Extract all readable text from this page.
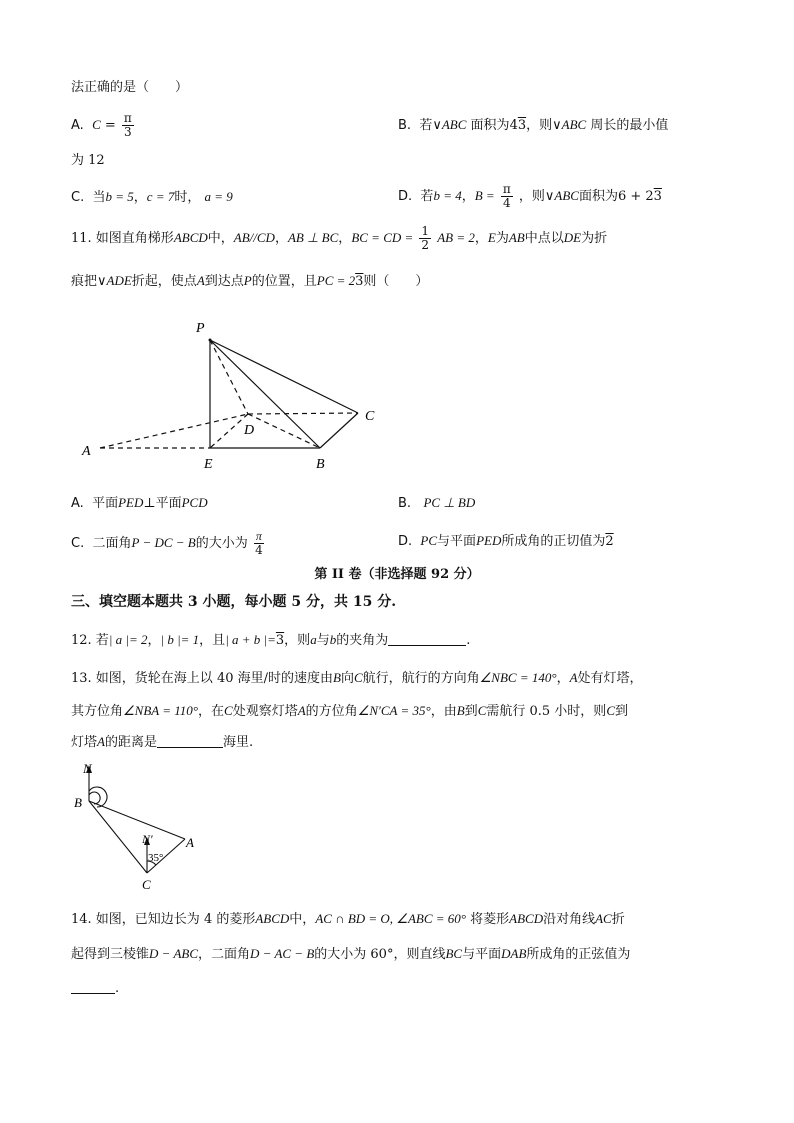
法正确的是（　　）
A. $C = \frac{\pi}{3}$	B. 若∨ABC 面积为43，则∨ABC 周长的最小值
为 12
C. 当b = 5，c = 7时， a = 9	D. 若b = 4，$B = \frac{\pi}{4}$ ，则∨ABC面积为6 + 23
11. 如图直角梯形ABCD中，AB//CD，AB ⊥ BC，BC = CD = $\frac{1}{2}$ AB = 2，E为AB中点以DE为折
痕把∨ADE折起，使点A到达点P的位置，且PC = 23则（　　）
P
A
D
C
E	B
A. 平面PED⊥平面PCD	B. PC ⊥ BD
C. 二面角P − DC − B的大小为 $\frac{\pi}{4}$	D. PC与平面PED所成角的正切值为2
第 II 卷（非选择题 92 分）
三、填空题本题共 3 小题，每小题 5 分，共 15 分.
12. 若| a |= 2，| b |= 1，且| a + b |=3，则a与b的夹角为	.
13. 如图，货轮在海上以 40 海里/时的速度由B向C航行，航行的方向角∠NBC = 140°，A处有灯塔，
其方位角∠NBA = 110°，在C处观察灯塔A的方位角∠N′CA = 35°，由B到C需航行 0.5 小时，则C到
灯塔A的距离是	海里.
N
B
N′	A
35°
C
14. 如图，已知边长为 4 的菱形ABCD中，AC ∩ BD = O, ∠ABC = 60° 将菱形ABCD沿对角线AC折
起得到三棱锥D − ABC，二面角D − AC − B的大小为 60°，则直线BC与平面DAB所成角的正弦值为
.
